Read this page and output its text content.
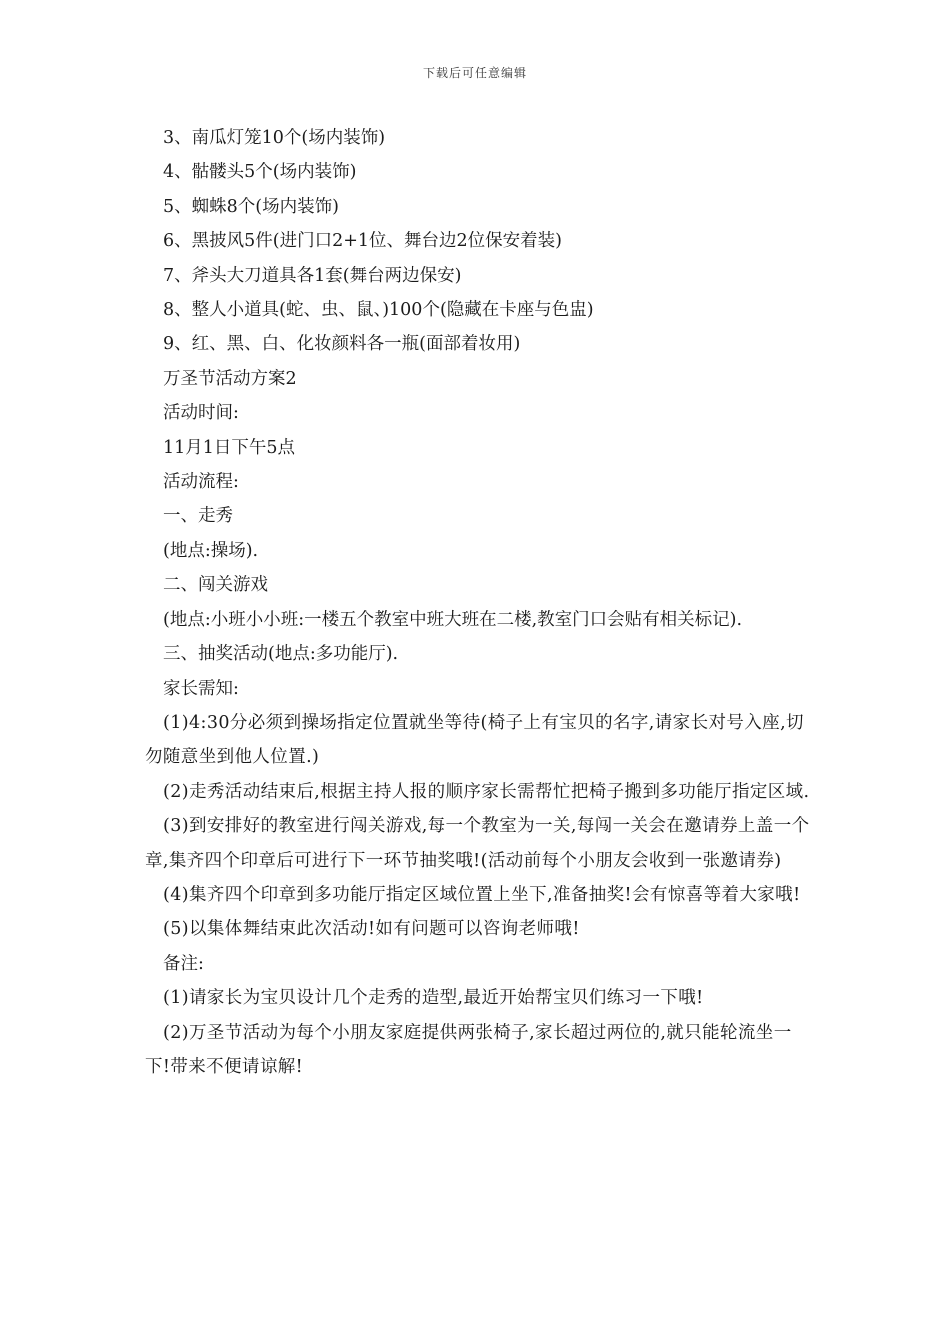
下载后可任意编辑
3、南瓜灯笼10个(场内装饰)
4、骷髅头5个(场内装饰)
5、蜘蛛8个(场内装饰)
6、黑披风5件(进门口2+1位、舞台边2位保安着装)
7、斧头大刀道具各1套(舞台两边保安)
8、整人小道具(蛇、虫、鼠、)100个(隐藏在卡座与色盅)
9、红、黑、白、化妆颜料各一瓶(面部着妆用)
万圣节活动方案2
活动时间:
11月1日下午5点
活动流程:
一、走秀
(地点:操场).
二、闯关游戏
(地点:小班小小班:一楼五个教室中班大班在二楼,教室门口会贴有相关标记).
三、抽奖活动(地点:多功能厅).
家长需知:
(1)4:30分必须到操场指定位置就坐等待(椅子上有宝贝的名字,请家长对号入座,切勿随意坐到他人位置.)
(2)走秀活动结束后,根据主持人报的顺序家长需帮忙把椅子搬到多功能厅指定区域.
(3)到安排好的教室进行闯关游戏,每一个教室为一关,每闯一关会在邀请券上盖一个章,集齐四个印章后可进行下一环节抽奖哦!(活动前每个小朋友会收到一张邀请券)
(4)集齐四个印章到多功能厅指定区域位置上坐下,准备抽奖!会有惊喜等着大家哦!
(5)以集体舞结束此次活动!如有问题可以咨询老师哦!
备注:
(1)请家长为宝贝设计几个走秀的造型,最近开始帮宝贝们练习一下哦!
(2)万圣节活动为每个小朋友家庭提供两张椅子,家长超过两位的,就只能轮流坐一下!带来不便请谅解!
